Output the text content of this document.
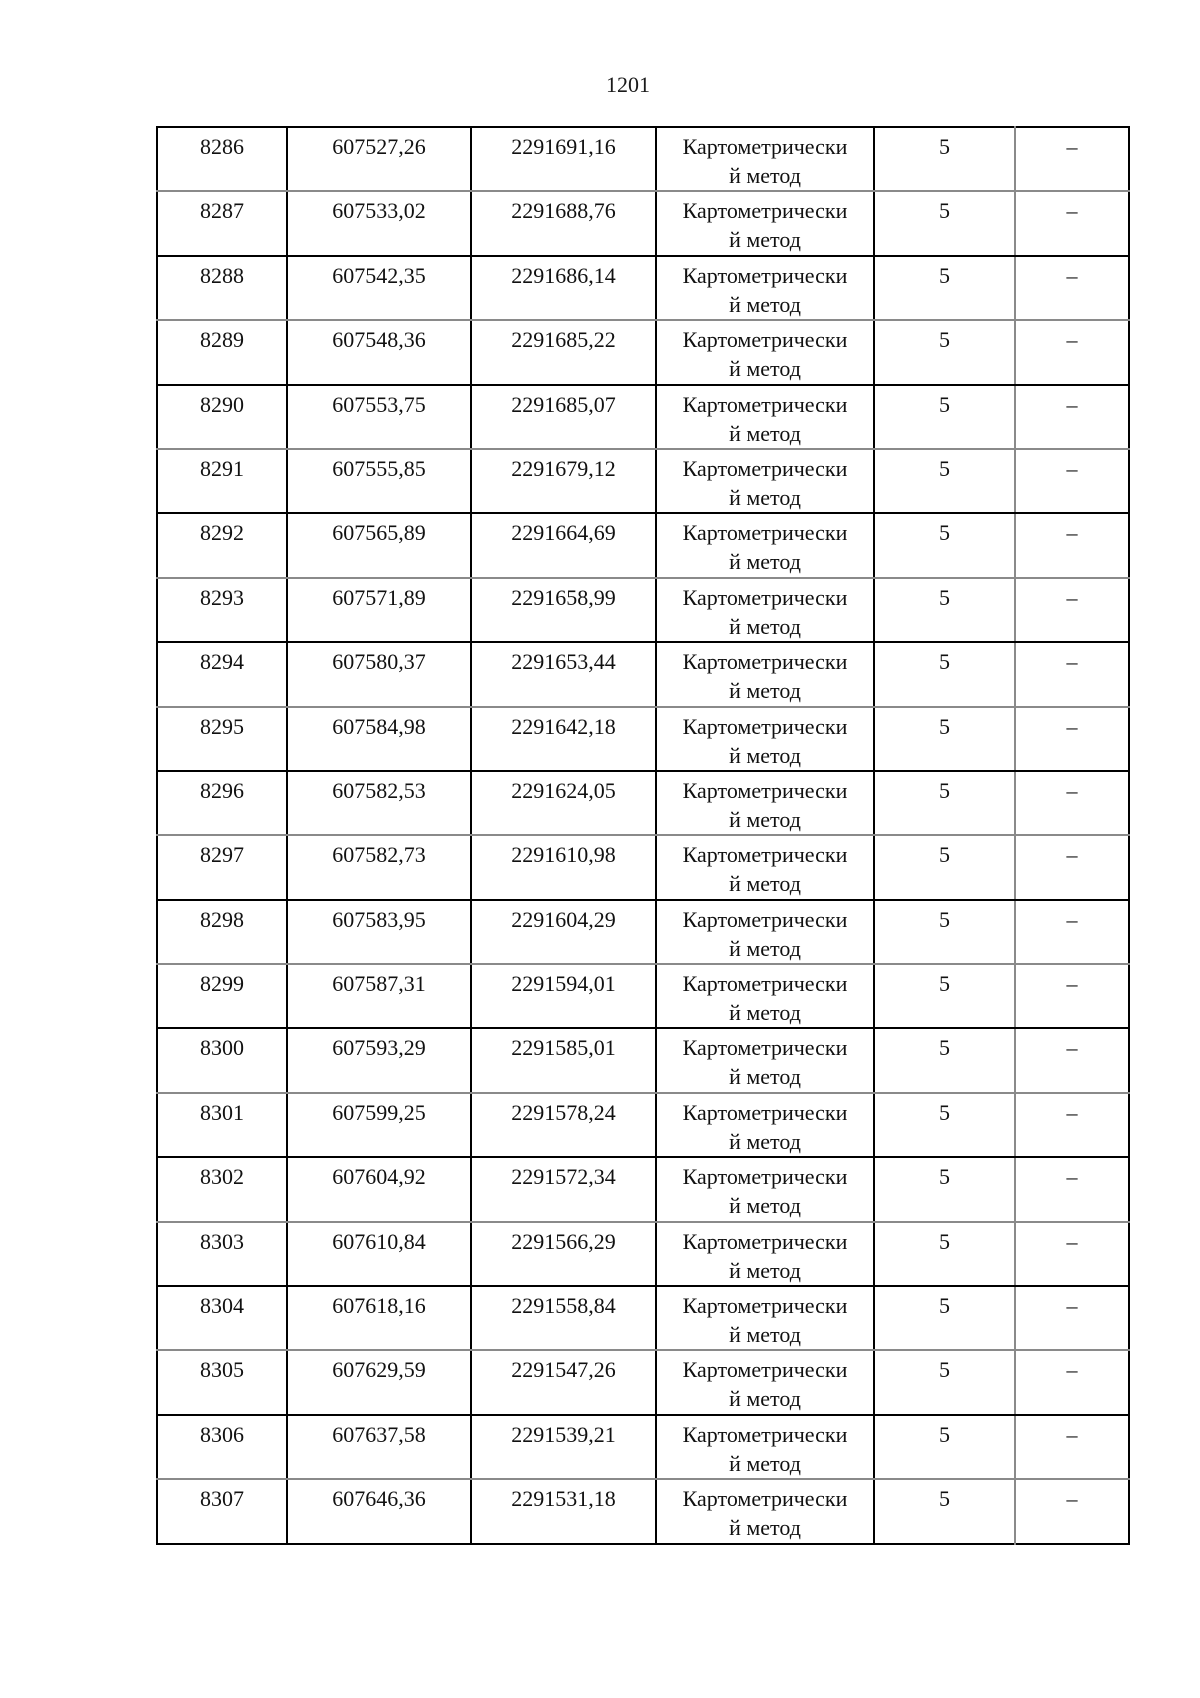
1201
8286	607527,26	2291691,16	Картометрически
й метод	5	–
8287	607533,02	2291688,76	Картометрически
й метод	5	–
8288	607542,35	2291686,14	Картометрически
й метод	5	–
8289	607548,36	2291685,22	Картометрически
й метод	5	–
8290	607553,75	2291685,07	Картометрически
й метод	5	–
8291	607555,85	2291679,12	Картометрически
й метод	5	–
8292	607565,89	2291664,69	Картометрически
й метод	5	–
8293	607571,89	2291658,99	Картометрически
й метод	5	–
8294	607580,37	2291653,44	Картометрически
й метод	5	–
8295	607584,98	2291642,18	Картометрически
й метод	5	–
8296	607582,53	2291624,05	Картометрически
й метод	5	–
8297	607582,73	2291610,98	Картометрически
й метод	5	–
8298	607583,95	2291604,29	Картометрически
й метод	5	–
8299	607587,31	2291594,01	Картометрически
й метод	5	–
8300	607593,29	2291585,01	Картометрически
й метод	5	–
8301	607599,25	2291578,24	Картометрически
й метод	5	–
8302	607604,92	2291572,34	Картометрически
й метод	5	–
8303	607610,84	2291566,29	Картометрически
й метод	5	–
8304	607618,16	2291558,84	Картометрически
й метод	5	–
8305	607629,59	2291547,26	Картометрически
й метод	5	–
8306	607637,58	2291539,21	Картометрически
й метод	5	–
8307	607646,36	2291531,18	Картометрически
й метод	5	–
